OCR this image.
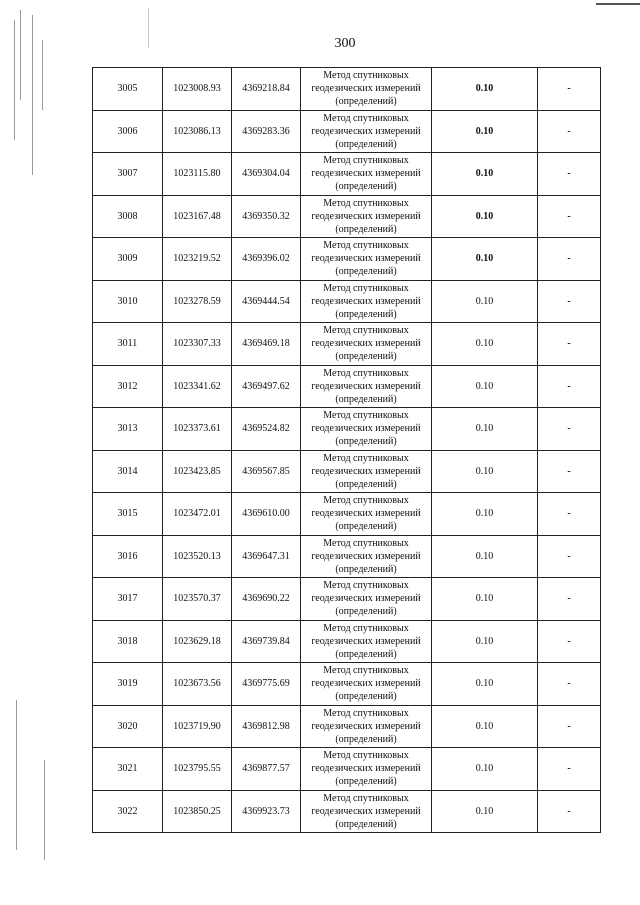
300
3005	1023008.93	4369218.84	Метод спутниковых
геодезических измерений
(определений)	0.10	-
3006	1023086.13	4369283.36	Метод спутниковых
геодезических измерений
(определений)	0.10	-
3007	1023115.80	4369304.04	Метод спутниковых
геодезических измерений
(определений)	0.10	-
3008	1023167.48	4369350.32	Метод спутниковых
геодезических измерений
(определений)	0.10	-
3009	1023219.52	4369396.02	Метод спутниковых
геодезических измерений
(определений)	0.10	-
3010	1023278.59	4369444.54	Метод спутниковых
геодезических измерений
(определений)	0.10	-
3011	1023307.33	4369469.18	Метод спутниковых
геодезических измерений
(определений)	0.10	-
3012	1023341.62	4369497.62	Метод спутниковых
геодезических измерений
(определений)	0.10	-
3013	1023373.61	4369524.82	Метод спутниковых
геодезических измерений
(определений)	0.10	-
3014	1023423.85	4369567.85	Метод спутниковых
геодезических измерений
(определений)	0.10	-
3015	1023472.01	4369610.00	Метод спутниковых
геодезических измерений
(определений)	0.10	-
3016	1023520.13	4369647.31	Метод спутниковых
геодезических измерений
(определений)	0.10	-
3017	1023570.37	4369690.22	Метод спутниковых
геодезических измерений
(определений)	0.10	-
3018	1023629.18	4369739.84	Метод спутниковых
геодезических измерений
(определений)	0.10	-
3019	1023673.56	4369775.69	Метод спутниковых
геодезических измерений
(определений)	0.10	-
3020	1023719.90	4369812.98	Метод спутниковых
геодезических измерений
(определений)	0.10	-
3021	1023795.55	4369877.57	Метод спутниковых
геодезических измерений
(определений)	0.10	-
3022	1023850.25	4369923.73	Метод спутниковых
геодезических измерений
(определений)	0.10	-
